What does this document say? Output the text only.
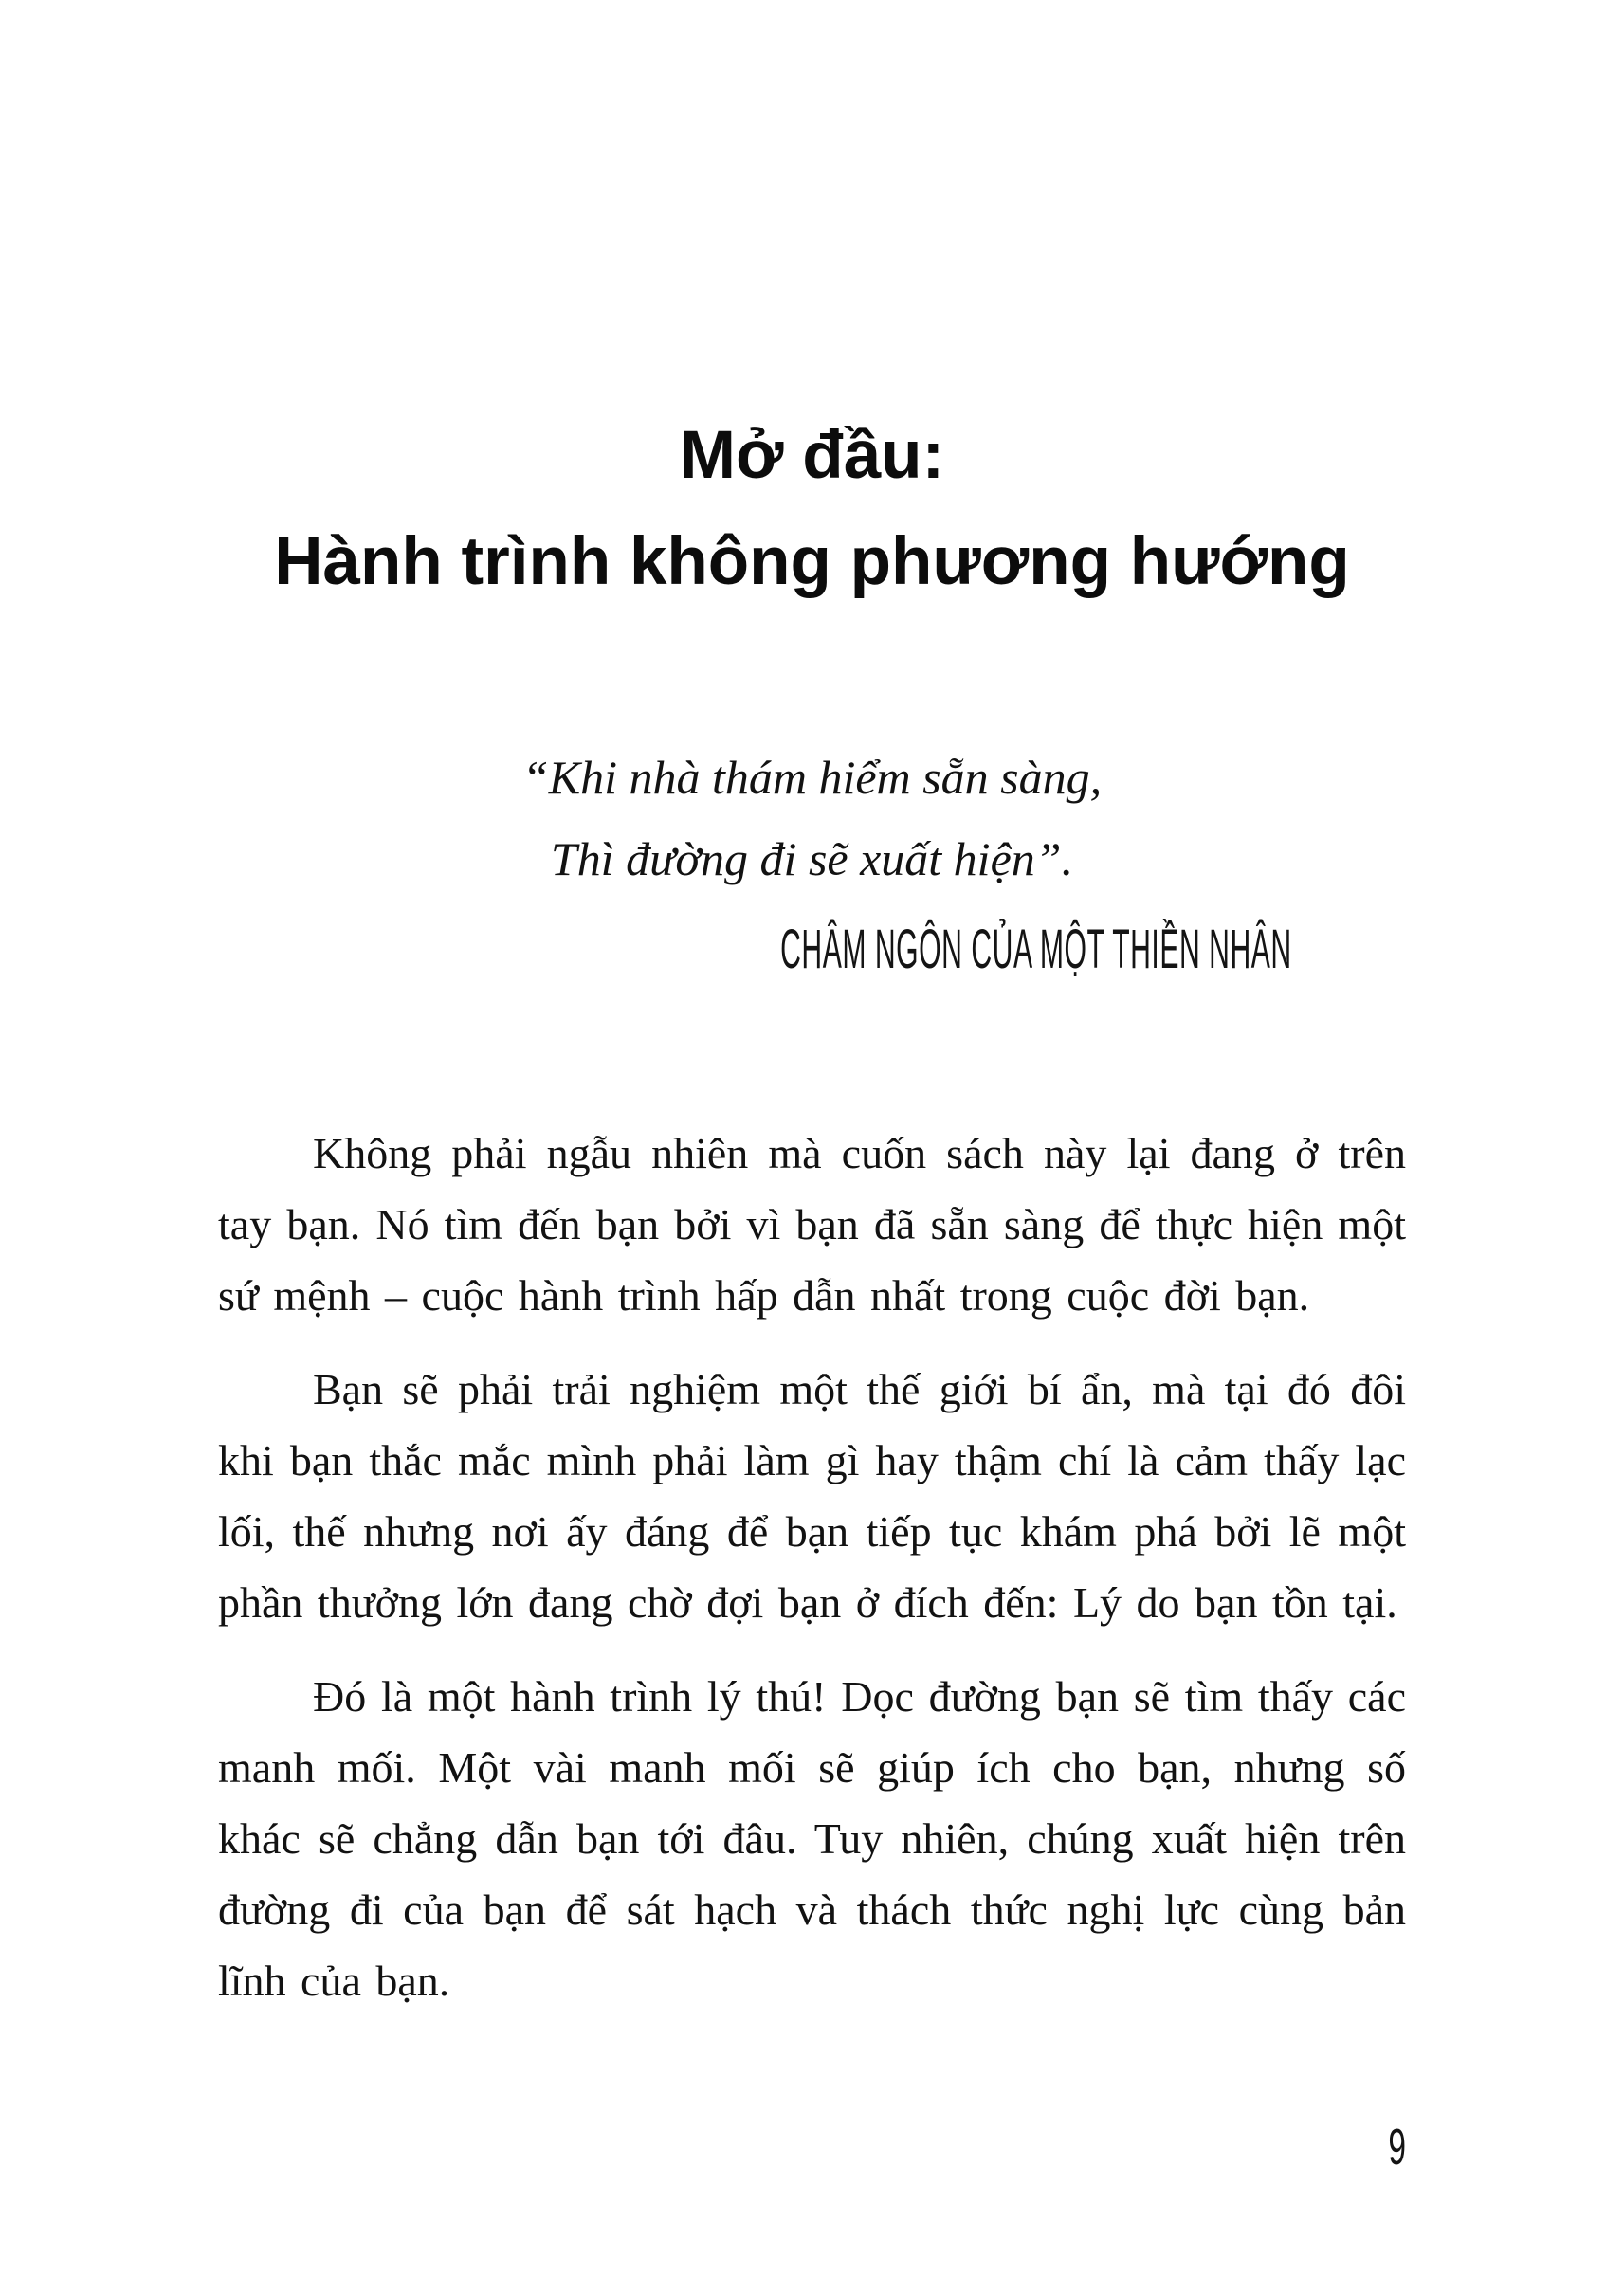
Mở đầu:
Hành trình không phương hướng
“Khi nhà thám hiểm sẵn sàng,
Thì đường đi sẽ xuất hiện”.
CHÂM NGÔN CỦA MỘT THIỀN NHÂN

Không phải ngẫu nhiên mà cuốn sách này lại đang ở trên tay bạn. Nó tìm đến bạn bởi vì bạn đã sẵn sàng để thực hiện một sứ mệnh – cuộc hành trình hấp dẫn nhất trong cuộc đời bạn.

Bạn sẽ phải trải nghiệm một thế giới bí ẩn, mà tại đó đôi khi bạn thắc mắc mình phải làm gì hay thậm chí là cảm thấy lạc lối, thế nhưng nơi ấy đáng để bạn tiếp tục khám phá bởi lẽ một phần thưởng lớn đang chờ đợi bạn ở đích đến: Lý do bạn tồn tại.

Đó là một hành trình lý thú! Dọc đường bạn sẽ tìm thấy các manh mối. Một vài manh mối sẽ giúp ích cho bạn, nhưng số khác sẽ chẳng dẫn bạn tới đâu. Tuy nhiên, chúng xuất hiện trên đường đi của bạn để sát hạch và thách thức nghị lực cùng bản lĩnh của bạn.

9
